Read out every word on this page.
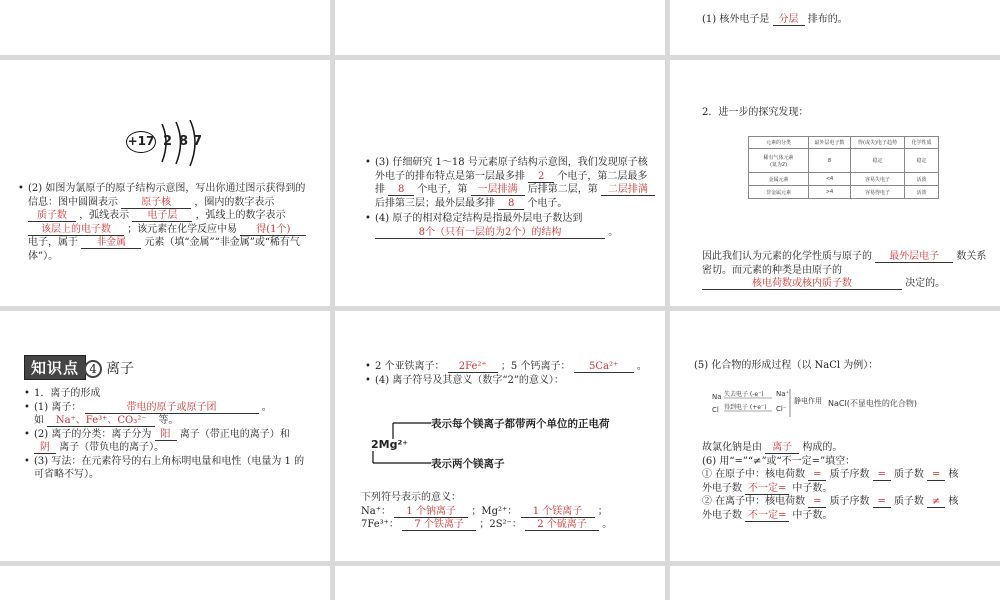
(1) 核外电子是 分层 排布的。
+17 2 8 7
• (2) 如图为氯原子的原子结构示意图，写出你通过图示获得到的信息：图中圆圈表示 原子核 ，圈内的数字表示 质子数 ，弧线表示 电子层 ，弧线上的数字表示 该层上的电子数 ；该元素在化学反应中易 得(1个) 电子，属于 非金属 元素（填“金属”“非金属”或“稀有气体”）。
• (3) 仔细研究 1～18 号元素原子结构示意图，我们发现原子核外电子的排布特点是第一层最多排 2 个电子，第二层最多排 8 个电子，第 一层排满 后排第二层，第 二层排满 后排第三层；最外层最多排 8 个电子。
• (4) 原子的相对稳定结构是指最外层电子数达到 8个（只有一层的为2个）的结构	。
2．进一步的探究发现：
元素的分类	最外层电子数	得(或失)电子趋势	化学性质
稀有气体元素
(氦为2)	8	稳定	稳定
金属元素	<4	容易失电子	活泼
非金属元素	>4	容易得电子	活泼
因此我们认为元素的化学性质与原子的 最外层电子 数关系密切。而元素的种类是由原子的 核电荷数或核内质子数	决定的。
知识点 4 离子
• 1．离子的形成
• (1) 离子：	带电的原子或原子团	。
如 Na⁺、Fe³⁺、CO₃²⁻ 等。
• (2) 离子的分类：离子分为 阳 离子（带正电的离子）和 阴 离子（带负电的离子）。
• (3) 写法：在元素符号的右上角标明电量和电性（电量为 1 的可省略不写）。
• 2 个亚铁离子： 2Fe²⁺ ；5 个钙离子： 5Ca²⁺ 。
• (4) 离子符号及其意义（数字“2”的意义）：
2Mg²⁺
表示每个镁离子都带两个单位的正电荷
表示两个镁离子
下列符号表示的意义：
Na⁺： 1 个钠离子 ；Mg²⁺： 1 个镁离子 ；
7Fe³⁺： 7 个铁离子 ；2S²⁻： 2 个硫离子 。
(5) 化合物的形成过程（以 NaCl 为例）：
Na 失去电子 (-e⁻) Na⁺
Cl 得到电子 (+e⁻) Cl⁻
静电作用 NaCl(不显电性的化合物)
故氯化钠是由 离子 构成的。
(6) 用“=”“≠”或“不一定=”填空：
① 在原子中：核电荷数 = 质子序数 = 质子数 = 核
外电子数 不一定= 中子数。
② 在离子中：核电荷数 = 质子序数 = 质子数 ≠ 核
外电子数 不一定= 中子数。
